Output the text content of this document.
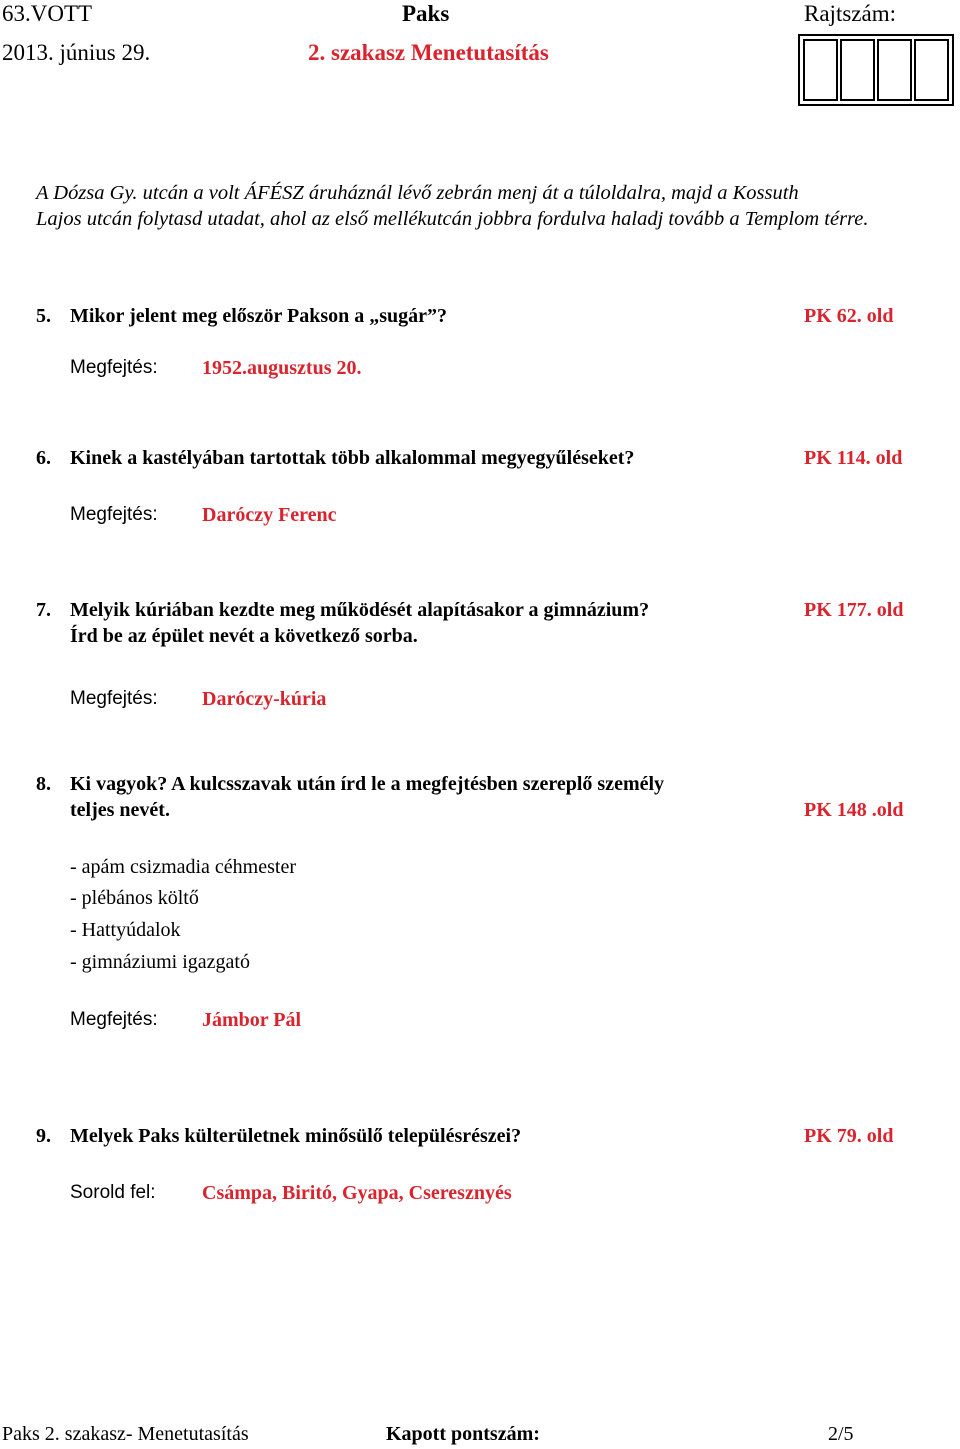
63.VOTT	Paks	Rajtszám:
2013. június 29.	2. szakasz Menetutasítás
A Dózsa Gy. utcán a volt ÁFÉSZ áruháznál lévő zebrán menj át a túloldalra, majd a Kossuth
Lajos utcán folytasd utadat, ahol az első mellékutcán jobbra fordulva haladj tovább a Templom térre.
5. Mikor jelent meg először Pakson a „sugár”?	PK 62. old
Megfejtés: 1952.augusztus 20.
6. Kinek a kastélyában tartottak több alkalommal megyegyűléseket?	PK 114. old
Megfejtés: Daróczy Ferenc
7. Melyik kúriában kezdte meg működését alapításakor a gimnázium?
Írd be az épület nevét a következő sorba.
PK 177. old
Megfejtés: Daróczy-kúria
8. Ki vagyok? A kulcsszavak után írd le a megfejtésben szereplő személy
teljes nevét.	PK 148 .old
- apám csizmadia céhmester
- plébános költő
- Hattyúdalok
- gimnáziumi igazgató
Megfejtés: Jámbor Pál
9. Melyek Paks külterületnek minősülő településrészei?	PK 79. old
Sorold fel: Csámpa, Biritó, Gyapa, Cseresznyés
Paks 2. szakasz- Menetutasítás	Kapott pontszám:	2/5
